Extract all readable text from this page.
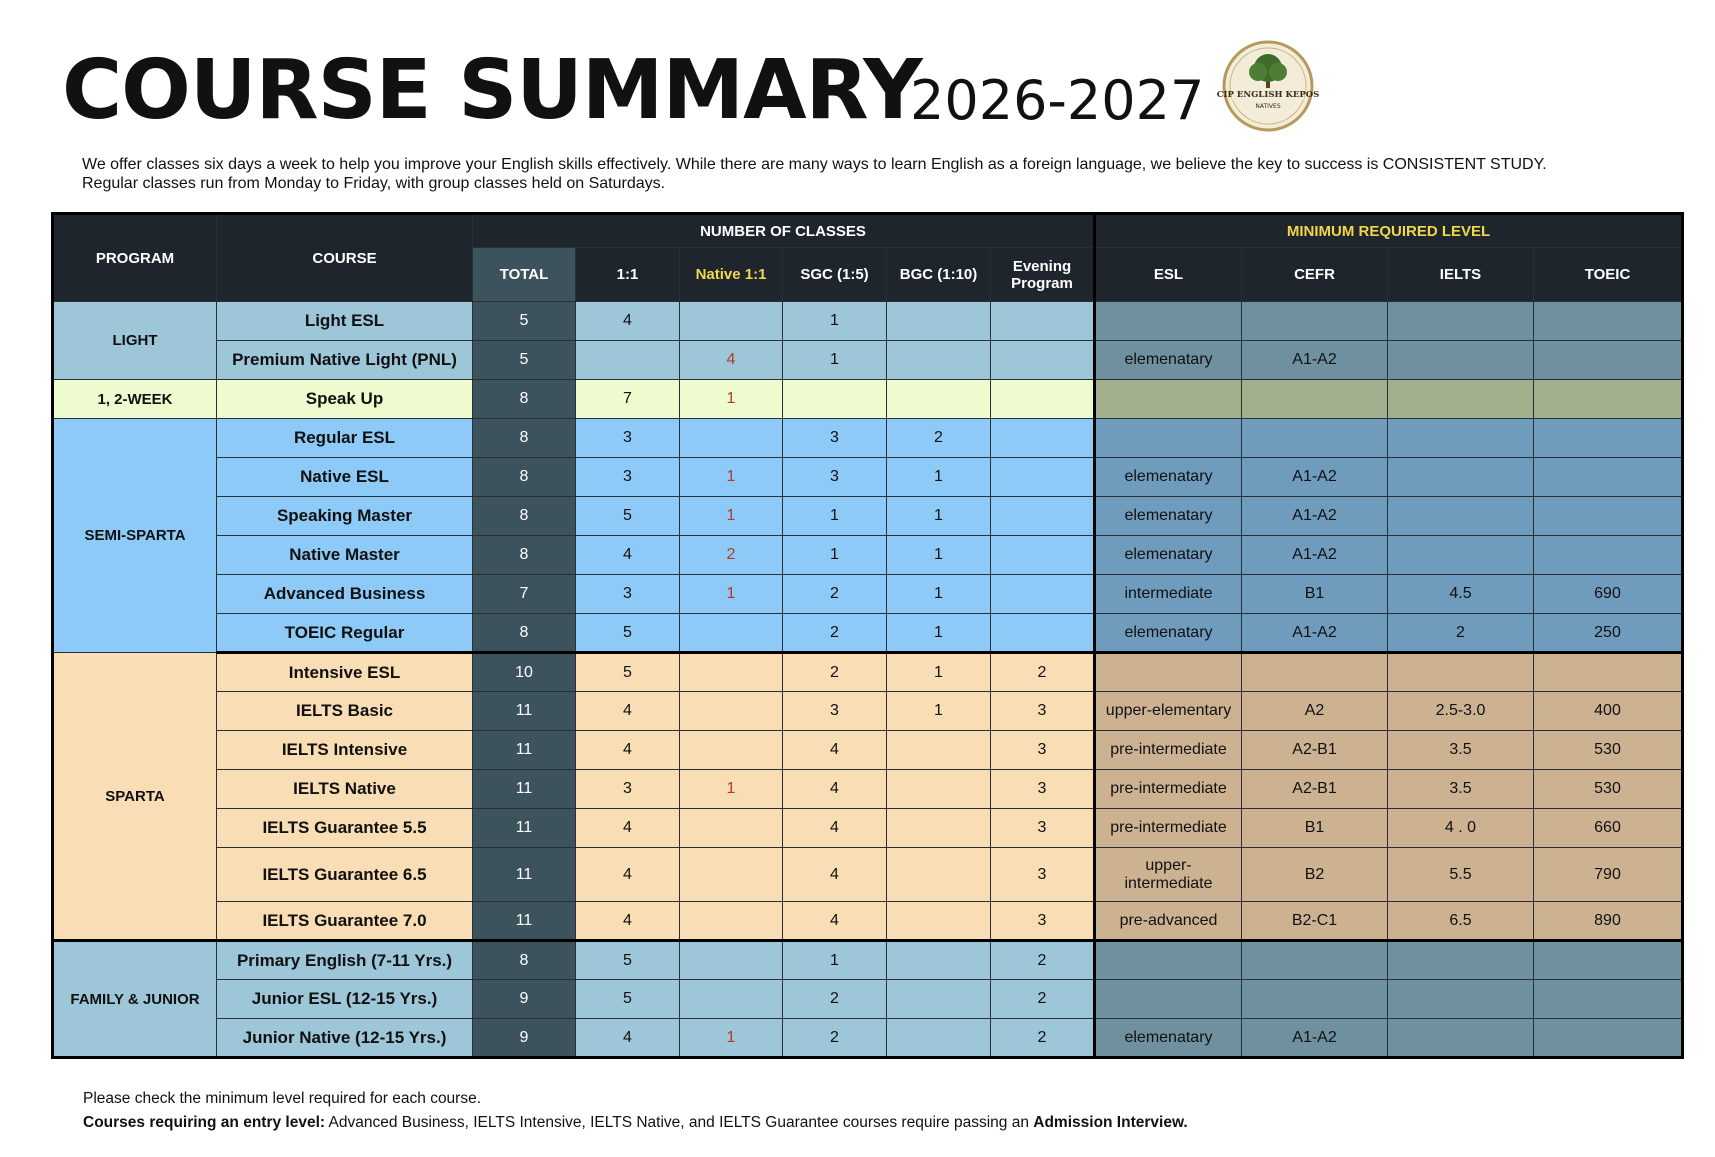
COURSE SUMMARY
2026-2027 CIP ENGLISH KEPOS
NATIVES

We offer classes six days a week to help you improve your English skills effectively. While there are many ways to learn English as a foreign language, we believe the key to success is CONSISTENT STUDY.

Regular classes run from Monday to Friday, with group classes held on Saturdays.

PROGRAM	COURSE	NUMBER OF CLASSES						MINIMUM REQUIRED LEVEL			
		TOTAL	1:1	Native 1:1	SGC (1:5)	BGC (1:10)	Evening Program	ESL	CEFR	IELTS	TOEIC
LIGHT	Light ESL	5	4		1						
	Premium Native Light (PNL)	5		4	1			elemenatary	A1-A2		
1, 2-WEEK	Speak Up	8	7	1							
SEMI-SPARTA	Regular ESL	8	3		3	2					
	Native ESL	8	3	1	3	1		elemenatary	A1-A2		
	Speaking Master	8	5	1	1	1		elemenatary	A1-A2		
	Native Master	8	4	2	1	1		elemenatary	A1-A2		
	Advanced Business	7	3	1	2	1		intermediate	B1	4.5	690
	TOEIC Regular	8	5		2	1		elemenatary	A1-A2	2	250
SPARTA	Intensive ESL	10	5		2	1	2				
	IELTS Basic	11	4		3	1	3	upper-elementary	A2	2.5-3.0	400
	IELTS Intensive	11	4		4		3	pre-intermediate	A2-B1	3.5	530
	IELTS Native	11	3	1	4		3	pre-intermediate	A2-B1	3.5	530
	IELTS Guarantee 5.5	11	4		4		3	pre-intermediate	B1	4 . 0	660
	IELTS Guarantee 6.5	11	4		4		3	upper-intermediate	B2	5.5	790
	IELTS Guarantee 7.0	11	4		4		3	pre-advanced	B2-C1	6.5	890
FAMILY & JUNIOR	Primary English (7-11 Yrs.)	8	5		1		2				
	Junior ESL (12-15 Yrs.)	9	5		2		2				
	Junior Native (12-15 Yrs.)	9	4	1	2		2	elemenatary	A1-A2		

Please check the minimum level required for each course.

Courses requiring an entry level: Advanced Business, IELTS Intensive, IELTS Native, and IELTS Guarantee courses require passing an Admission Interview.
